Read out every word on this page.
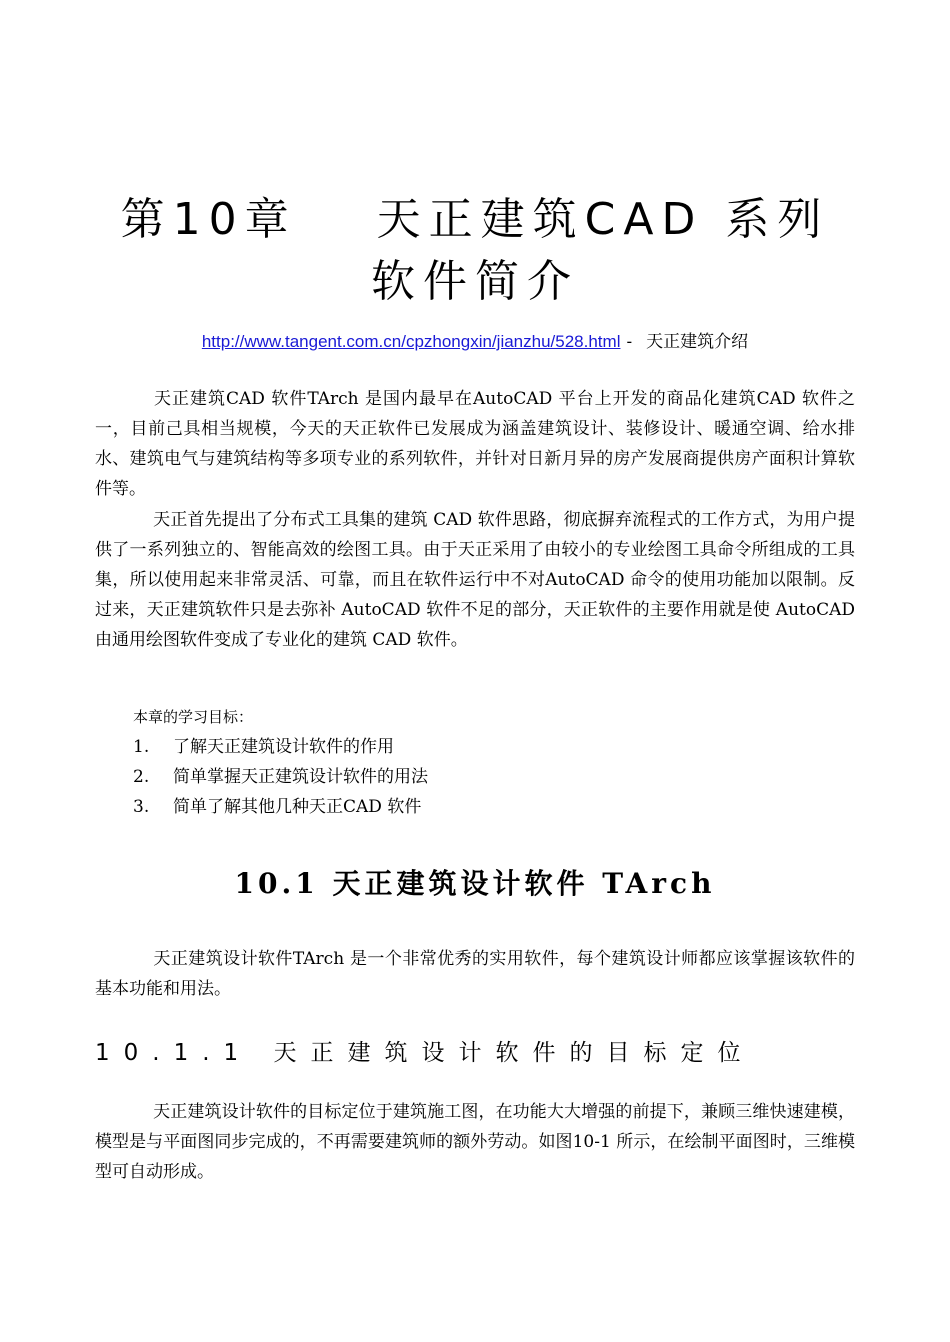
第10章 天正建筑CAD 系列
软件简介
http://www.tangent.com.cn/cpzhongxin/jianzhu/528.html - 天正建筑介绍

天正建筑CAD 软件TArch 是国内最早在AutoCAD 平台上开发的商品化建筑CAD 软件之一，目前己具相当规模，今天的天正软件已发展成为涵盖建筑设计、装修设计、暖通空调、给水排水、建筑电气与建筑结构等多项专业的系列软件，并针对日新月异的房产发展商提供房产面积计算软件等。

天正首先提出了分布式工具集的建筑 CAD 软件思路，彻底摒弃流程式的工作方式，为用户提供了一系列独立的、智能高效的绘图工具。由于天正采用了由较小的专业绘图工具命令所组成的工具集，所以使用起来非常灵活、可靠，而且在软件运行中不对AutoCAD 命令的使用功能加以限制。反过来，天正建筑软件只是去弥补 AutoCAD 软件不足的部分，天正软件的主要作用就是使 AutoCAD 由通用绘图软件变成了专业化的建筑 CAD 软件。

本章的学习目标：
1. 了解天正建筑设计软件的作用
2. 简单掌握天正建筑设计软件的用法
3. 简单了解其他几种天正CAD 软件
10.1 天正建筑设计软件 TArch

天正建筑设计软件TArch 是一个非常优秀的实用软件，每个建筑设计师都应该掌握该软件的基本功能和用法。

10.1.1 天正建筑设计软件的目标定位

天正建筑设计软件的目标定位于建筑施工图，在功能大大增强的前提下，兼顾三维快速建模，模型是与平面图同步完成的，不再需要建筑师的额外劳动。如图10-1 所示，在绘制平面图时，三维模型可自动形成。
